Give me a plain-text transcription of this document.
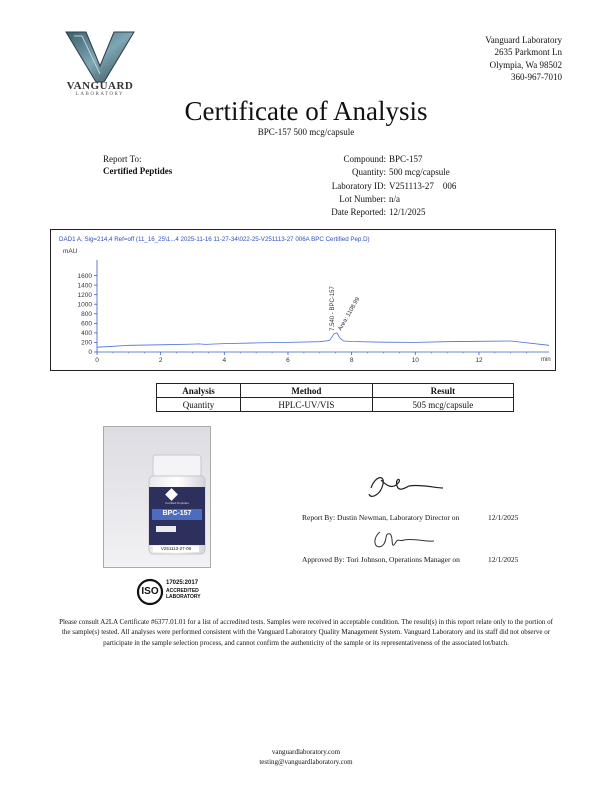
VANGUARD
LABORATORY
Vanguard Laboratory
2635 Parkmont Ln
Olympia, Wa 98502
360-967-7010
Certificate of Analysis
BPC-157 500 mcg/capsule
Report To:
Certified Peptides
Compound: BPC-157
Quantity: 500 mcg/capsule
Laboratory ID: V251113-27    006
Lot Number: n/a
Date Reported: 12/1/2025
DAD1 A, Sig=214,4 Ref=off (11_16_25\1...4 2025-11-16 11-27-34\022-25-V251113-27 006A BPC Certified Pep.D)
mAU
min
0
200
400
600
800
1000
1200
1400
1600
0	2	4	6	8	10	12
7.540 - BPC-157 Area: 1108.99
Analysis	Method	Result
Quantity	HPLC-UV/VIS	505 mcg/capsule
Certified Peptides
BPC-157
V251113-27-06
Report By: Dustin Newman, Laboratory Director on	12/1/2025
Approved By: Tori Johnson, Operations Manager on	12/1/2025
ISO
17025:2017
ACCREDITED
LABORATORY
Please consult A2LA Certificate #6377.01.01 for a list of accredited tests. Samples were received in acceptable condition. The result(s) in this report relate only to the portion of the sample(s) tested. All analyses were performed consistent with the Vanguard Laboratory Quality Management System. Vanguard Laboratory and its staff did not observe or participate in the sample selection process, and cannot confirm the authenticity of the sample or its representativeness of the associated lot/batch.
vanguardlaboratory.com
testing@vanguardlaboratory.com
